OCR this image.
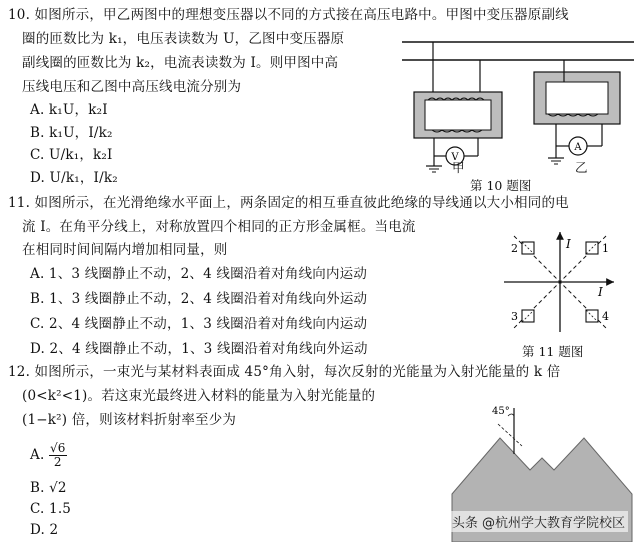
10. 如图所示，甲乙两图中的理想变压器以不同的方式接在高压电路中。甲图中变压器原副线
圈的匝数比为 k₁，电压表读数为 U，乙图中变压器原
副线圈的匝数比为 k₂，电流表读数为 I。则甲图中高
压线电压和乙图中高压线电流分别为
A. k₁U，k₂I
B. k₁U，I/k₂
C. U/k₁，k₂I
D. U/k₁，I/k₂
V
A
甲	乙
第 10 题图
11. 如图所示，在光滑绝缘水平面上，两条固定的相互垂直彼此绝缘的导线通以大小相同的电
流 I。在角平分线上，对称放置四个相同的正方形金属框。当电流
在相同时间间隔内增加相同量，则
A. 1、3 线圈静止不动，2、4 线圈沿着对角线向内运动
B. 1、3 线圈静止不动，2、4 线圈沿着对角线向外运动
C. 2、4 线圈静止不动，1、3 线圈沿着对角线向内运动
D. 2、4 线圈静止不动，1、3 线圈沿着对角线向外运动
1
2
3	4
I
I
第 11 题图
12. 如图所示，一束光与某材料表面成 45°角入射，每次反射的光能量为入射光能量的 k 倍
(0<k²<1)。若这束光最终进入材料的能量为入射光能量的
(1−k²) 倍，则该材料折射率至少为
A. $\frac{√6}{2}$
B. √2
C. 1.5
D. 2
45°
头条 @杭州学大教育学院校区
